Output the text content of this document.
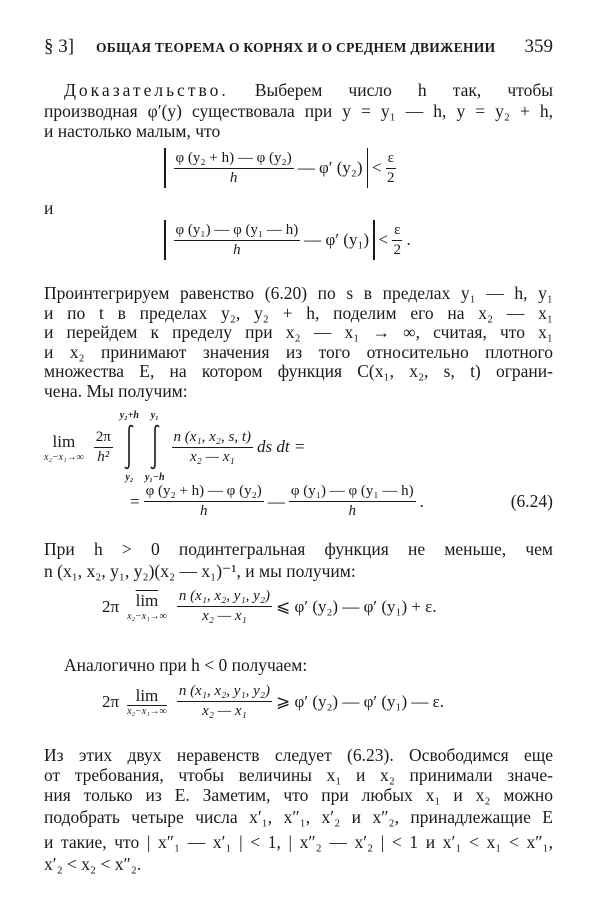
§ 3] ОБЩАЯ ТЕОРЕМА О КОРНЯХ И О СРЕДНЕМ ДВИЖЕНИИ 359
Доказательство. Выберем число h так, чтобы
производная φ′(y) существовала при y = y₁ — h, y = y₂ + h,
и настолько малым, что
$\frac{\text{φ (y₂ + h) — φ (y₂)}}{h}$ — φ′ $(y_2) < \frac{\varepsilon}{2}$
и
$\frac{\text{φ (y₁) — φ (y₁ — h)}}{h}$ — φ′ $(y_1) < \frac{\varepsilon}{2}$ .
Проинтегрируем равенство (6.20) по s в пределах y₁ — h, y₁
и по t в пределах y₂, y₂ + h, поделим его на x₂ — x₁
и перейдем к пределу при x₂ — x₁ → ∞, считая, что x₁
и x₂ принимают значения из того относительно плотного
множества E, на котором функция C(x₁, x₂, s, t) ограни-
чена. Мы получим:
lim
$x_2-x_1\to\infty \frac{2\pi}{\text{h²}}$
y₂+h
y₂
y₁
y₁−h
$\frac{\text{n (x₁, x₂, s, t)}}{\text{x₂ — x₁}}$ ds dt =
= $\frac{\text{φ (y₂ + h) — φ (y₂)}}{h}$ — $\frac{\text{φ (y₁) — φ (y₁ — h)}}{h}$ .	(6.24)
При h > 0 подинтегральная функция не меньше, чем
n (x₁, x₂, y₁, y₂)(x₂ — x₁)⁻¹, и мы получим:
2π $\overline{lim}$
$x_2-x_1\to\infty \frac{\text{n (x₁, x₂, y₁, y₂)}}{\text{x₂ — x₁}}$ ⩽ φ′ (y₂) — φ′ (y₁) + ε.
Аналогично при h < 0 получаем:
2π lim
$x_2-x_1\to\infty \frac{\text{n (x₁, x₂, y₁, y₂)}}{\text{x₂ — x₁}}$ ⩾ φ′ (y₂) — φ′ (y₁) — ε.
Из этих двух неравенств следует (6.23). Освободимся еще
от требования, чтобы величины x₁ и x₂ принимали значе-
ния только из E. Заметим, что при любых x₁ и x₂ можно
подобрать четыре числа x′₁, x″₁, x′₂ и x″₂, принадлежащие E
и такие, что | x″₁ — x′₁ | < 1, | x″₂ — x′₂ | < 1 и x′₁ < x₁ < x″₁,
x′₂ < x₂ < x″₂.
